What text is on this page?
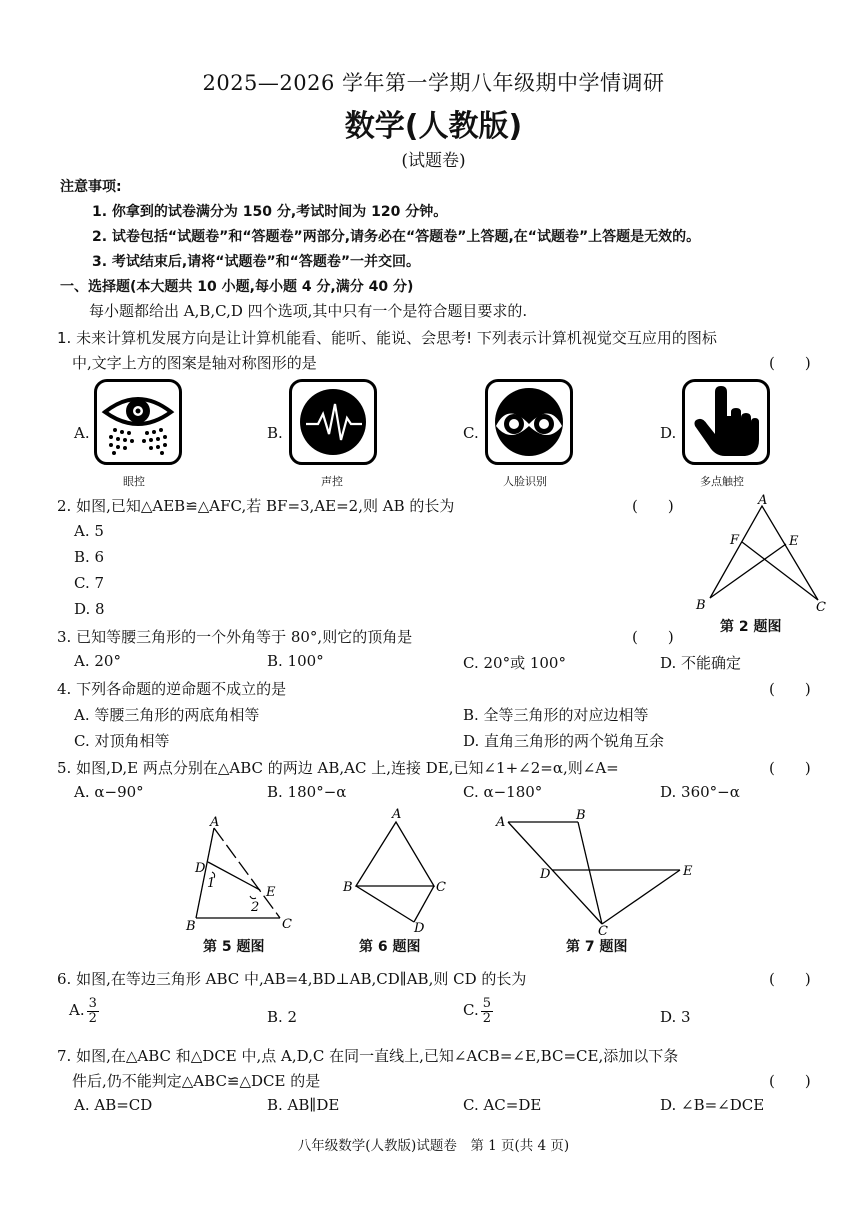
2025—2026 学年第一学期八年级期中学情调研
数学(人教版)
(试题卷)
注意事项:
1. 你拿到的试卷满分为 150 分,考试时间为 120 分钟。
2. 试卷包括“试题卷”和“答题卷”两部分,请务必在“答题卷”上答题,在“试题卷”上答题是无效的。
3. 考试结束后,请将“试题卷”和“答题卷”一并交回。
一、选择题(本大题共 10 小题,每小题 4 分,满分 40 分)
每小题都给出 A,B,C,D 四个选项,其中只有一个是符合题目要求的.
1. 未来计算机发展方向是让计算机能看、能听、能说、会思考! 下列表示计算机视觉交互应用的图标
中,文字上方的图案是轴对称图形的是	(　　)
A.
眼控
B.
声控
C.
人脸识别
D.
多点触控
2. 如图,已知△AEB≌△AFC,若 BF=3,AE=2,则 AB 的长为	(　　)
A. 5
B. 6
C. 7
D. 8
A
F	E
B	C
第 2 题图
3. 已知等腰三角形的一个外角等于 80°,则它的顶角是	(　　)
A. 20°	B. 100°	C. 20°或 100°	D. 不能确定
4. 下列各命题的逆命题不成立的是	(　　)
A. 等腰三角形的两底角相等	B. 全等三角形的对应边相等
C. 对顶角相等	D. 直角三角形的两个锐角互余
5. 如图,D,E 两点分别在△ABC 的两边 AB,AC 上,连接 DE,已知∠1+∠2=α,则∠A=	(　　)
A. α−90°	B. 180°−α	C. α−180°	D. 360°−α
A
D
1
E
2
B	C
第 5 题图
A
B	C
D
第 6 题图
A	B
D	E
C
第 7 题图
6. 如图,在等边三角形 ABC 中,AB=4,BD⊥AB,CD∥AB,则 CD 的长为	(　　)
A. $\frac{3}{2}$	B. 2	C. $\frac{5}{2}$	D. 3
7. 如图,在△ABC 和△DCE 中,点 A,D,C 在同一直线上,已知∠ACB=∠E,BC=CE,添加以下条
件后,仍不能判定△ABC≌△DCE 的是	(　　)
A. AB=CD	B. AB∥DE	C. AC=DE	D. ∠B=∠DCE
八年级数学(人教版)试题卷　第 1 页(共 4 页)
